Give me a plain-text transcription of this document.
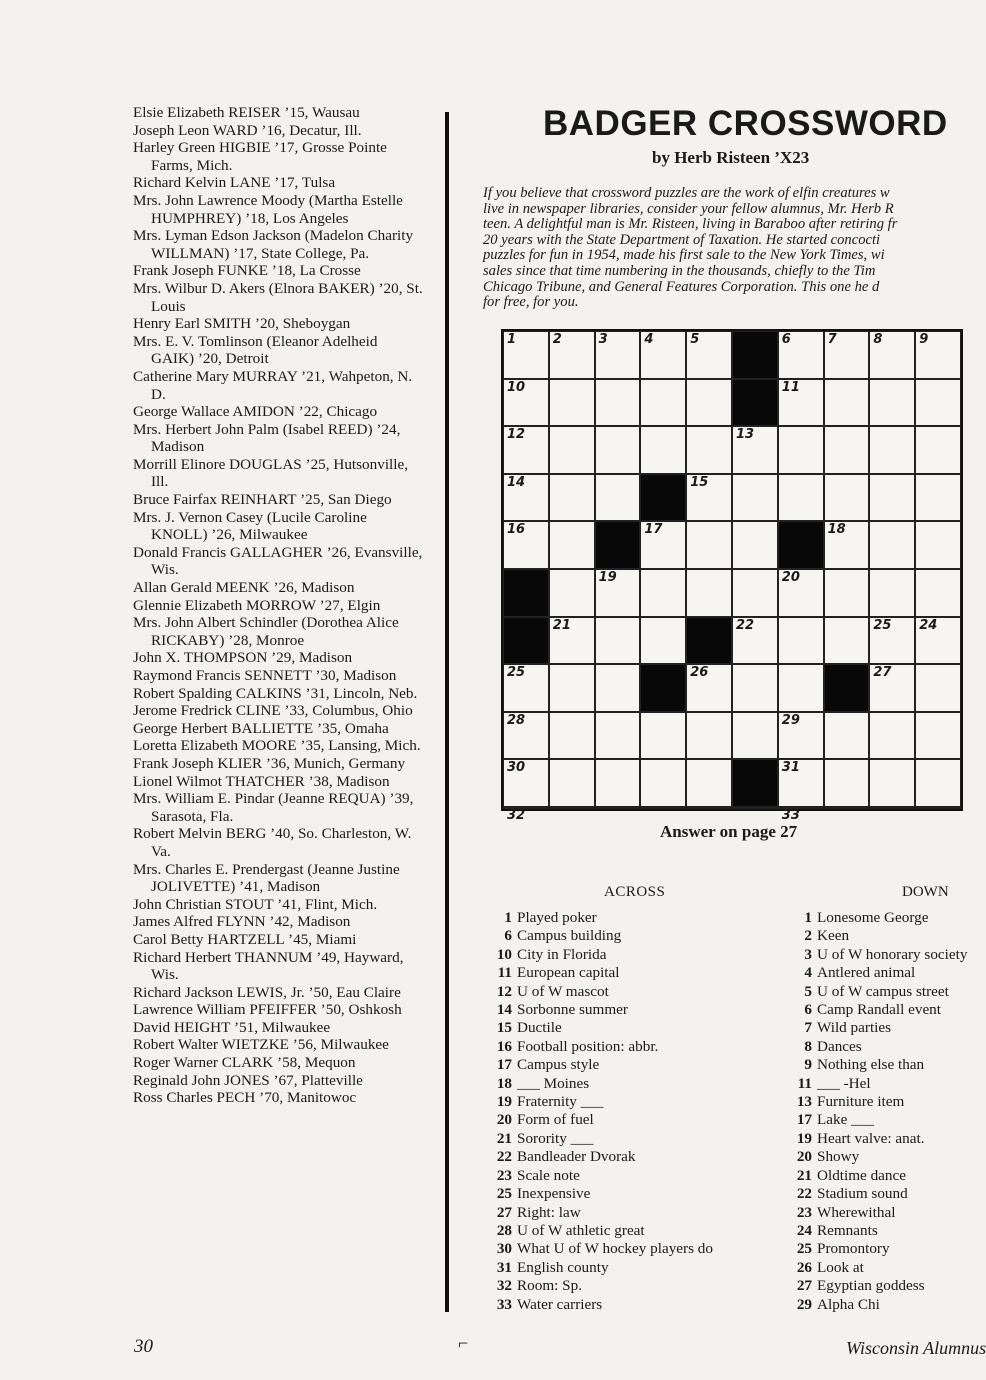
Elsie Elizabeth REISER ’15, Wausau
Joseph Leon WARD ’16, Decatur, Ill.
Harley Green HIGBIE ’17, Grosse Pointe Farms, Mich.
Richard Kelvin LANE ’17, Tulsa
Mrs. John Lawrence Moody (Martha Estelle HUMPHREY) ’18, Los Angeles
Mrs. Lyman Edson Jackson (Madelon Charity WILLMAN) ’17, State College, Pa.
Frank Joseph FUNKE ’18, La Crosse
Mrs. Wilbur D. Akers (Elnora BAKER) ’20, St. Louis
Henry Earl SMITH ’20, Sheboygan
Mrs. E. V. Tomlinson (Eleanor Adelheid GAIK) ’20, Detroit
Catherine Mary MURRAY ’21, Wahpeton, N. D.
George Wallace AMIDON ’22, Chicago
Mrs. Herbert John Palm (Isabel REED) ’24, Madison
Morrill Elinore DOUGLAS ’25, Hutsonville, Ill.
Bruce Fairfax REINHART ’25, San Diego
Mrs. J. Vernon Casey (Lucile Caroline KNOLL) ’26, Milwaukee
Donald Francis GALLAGHER ’26, Evansville, Wis.
Allan Gerald MEENK ’26, Madison
Glennie Elizabeth MORROW ’27, Elgin
Mrs. John Albert Schindler (Dorothea Alice RICKABY) ’28, Monroe
John X. THOMPSON ’29, Madison
Raymond Francis SENNETT ’30, Madison
Robert Spalding CALKINS ’31, Lincoln, Neb.
Jerome Fredrick CLINE ’33, Columbus, Ohio
George Herbert BALLIETTE ’35, Omaha
Loretta Elizabeth MOORE ’35, Lansing, Mich.
Frank Joseph KLIER ’36, Munich, Germany
Lionel Wilmot THATCHER ’38, Madison
Mrs. William E. Pindar (Jeanne REQUA) ’39, Sarasota, Fla.
Robert Melvin BERG ’40, So. Charleston, W. Va.
Mrs. Charles E. Prendergast (Jeanne Justine JOLIVETTE) ’41, Madison
John Christian STOUT ’41, Flint, Mich.
James Alfred FLYNN ’42, Madison
Carol Betty HARTZELL ’45, Miami
Richard Herbert THANNUM ’49, Hayward, Wis.
Richard Jackson LEWIS, Jr. ’50, Eau Claire
Lawrence William PFEIFFER ’50, Oshkosh
David HEIGHT ’51, Milwaukee
Robert Walter WIETZKE ’56, Milwaukee
Roger Warner CLARK ’58, Mequon
Reginald John JONES ’67, Platteville
Ross Charles PECH ’70, Manitowoc
BADGER CROSSWORD
by Herb Risteen ’X23
If you believe that crossword puzzles are the work of elfin creatures w
live in newspaper libraries, consider your fellow alumnus, Mr. Herb R
teen. A delightful man is Mr. Risteen, living in Baraboo after retiring fr
20 years with the State Department of Taxation. He started concocti
puzzles for fun in 1954, made his first sale to the New York Times, wi
sales since that time numbering in the thousands, chiefly to the Tim
Chicago Tribune, and General Features Corporation. This one he d
for free, for you.
1	2	3	4	5	6	7	8	9
10	11
12	13
14	15
16	17	18
19	20
21	22	25 24
25	26	27
28	29
30	31
32	33
Answer on page 27
ACROSS	DOWN
1 Played poker
6 Campus building
10 City in Florida
11 European capital
12 U of W mascot
14 Sorbonne summer
15 Ductile
16 Football position: abbr.
17 Campus style
18 ___ Moines
19 Fraternity ___
20 Form of fuel
21 Sorority ___
22 Bandleader Dvorak
23 Scale note
25 Inexpensive
27 Right: law
28 U of W athletic great
30 What U of W hockey players do
31 English county
32 Room: Sp.
33 Water carriers
1 Lonesome George
2 Keen
3 U of W honorary society
4 Antlered animal
5 U of W campus street
6 Camp Randall event
7 Wild parties
8 Dances
9 Nothing else than
11 ___ -Hel
13 Furniture item
17 Lake ___
19 Heart valve: anat.
20 Showy
21 Oldtime dance
22 Stadium sound
23 Wherewithal
24 Remnants
25 Promontory
26 Look at
27 Egyptian goddess
29 Alpha Chi
30	Wisconsin Alumnus
⌐
